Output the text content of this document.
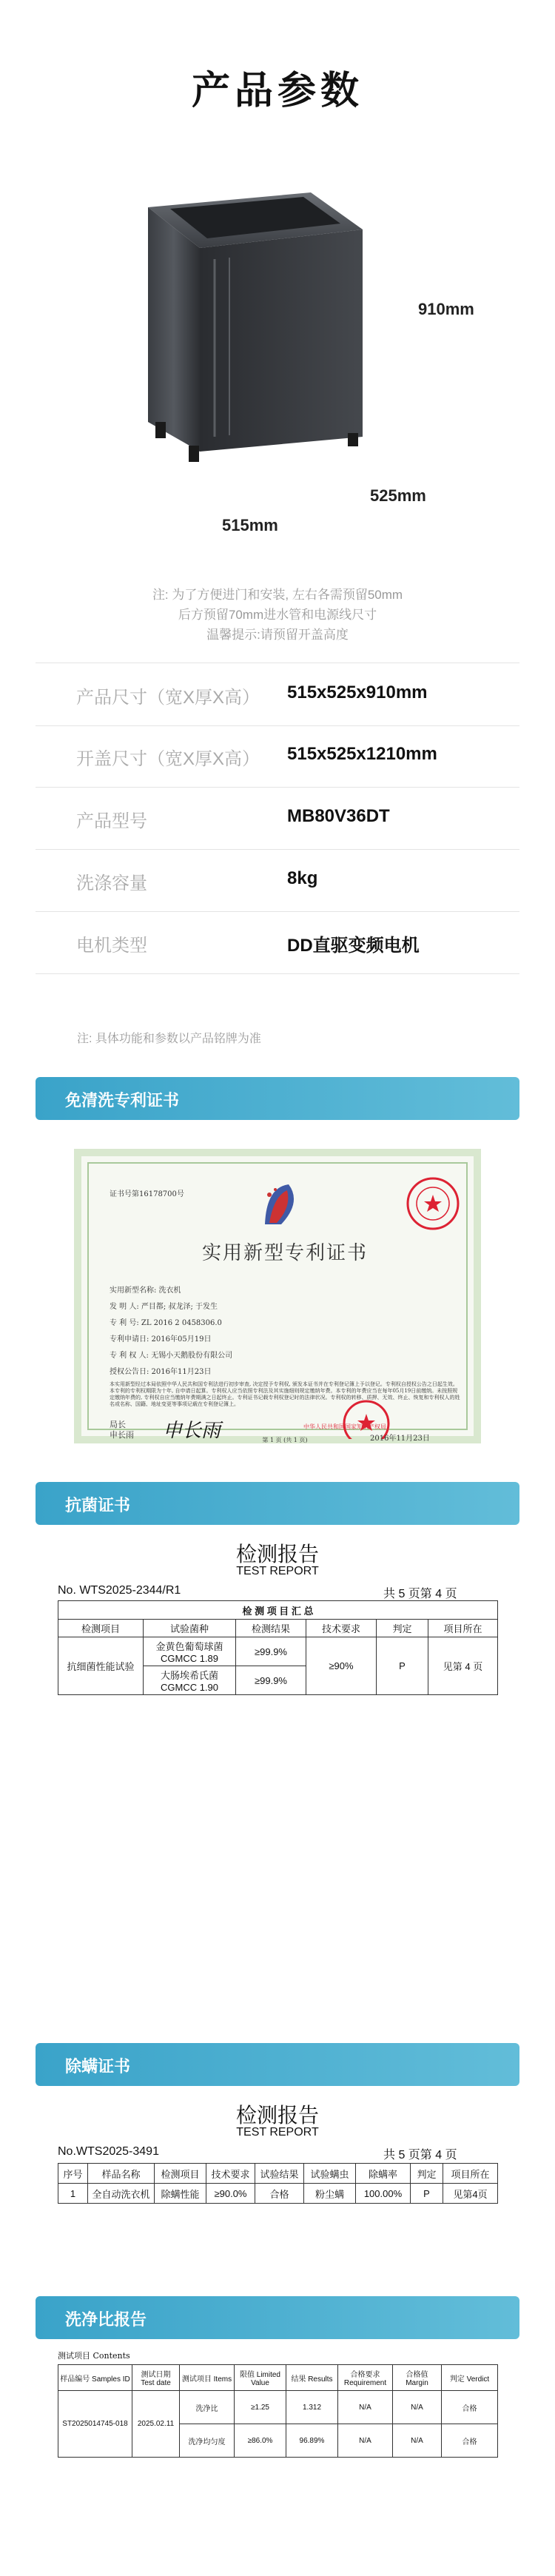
产品参数
910mm
525mm
515mm
注: 为了方便进门和安装, 左右各需预留50mm
后方预留70mm进水管和电源线尺寸
温馨提示:请预留开盖高度
产品尺寸（宽X厚X高） 515x525x910mm
开盖尺寸（宽X厚X高） 515x525x1210mm
产品型号	MB80V36DT
洗涤容量	8kg
电机类型	DD直驱变频电机
注: 具体功能和参数以产品铭牌为准
免清洗专利证书
证书号第16178700号
实用新型专利证书
实用新型名称: 洗衣机
发 明 人: 严目都; 叔龙泽; 于发生
专 利 号: ZL 2016 2 0458306.0
专利申请日: 2016年05月19日
专 利 权 人: 无锡小天鹅股份有限公司
授权公告日: 2016年11月23日
本实用新型经过本局依照中华人民共和国专利法进行初步审查, 决定授予专利权, 颁发本证书并在专利登记簿上予以登记。专利权自授权公告之日起生效。本专利的专利权期限为十年, 自申请日起算。专利权人应当依照专利法及其实施细则规定缴纳年费。本专利的年费应当在每年05月19日前缴纳。未按照规定缴纳年费的, 专利权自应当缴纳年费期满之日起终止。专利证书记载专利权登记时的法律状况。专利权的转移、质押、无效、终止、恢复和专利权人的姓名或名称、国籍、地址变更等事项记载在专利登记簿上。
局长
申长雨 申长雨	中华人民共和国国家知识产权局
2016年11月23日
第 1 页 (共 1 页)
抗菌证书
检测报告
TEST REPORT
No. WTS2025-2344/R1	共 5 页第 4 页
检 测 项 目 汇 总					
检测项目	试验菌种	检测结果	技术要求	判定	项目所在
抗细菌性能试验	金黄色葡萄球菌 CGMCC 1.89	≥99.9%	≥90%	P	见第 4 页
	大肠埃希氏菌 CGMCC 1.90	≥99.9%			
除螨证书
检测报告
TEST REPORT
No.WTS2025-3491	共 5 页第 4 页
序号	样品名称	检测项目	技术要求	试验结果	试验螨虫	除螨率	判定	项目所在
1	全自动洗衣机	除螨性能	≥90.0%	合格	粉尘螨	100.00%	P	见第4页
洗净比报告
测试项目 Contents
样品编号 Samples ID	测试日期 Test date	测试项目 Items	限值 Limited Value	结果 Results	合格要求 Requirement	合格值 Margin	判定 Verdict
ST2025014745-018	2025.02.11	洗净比	≥1.25	1.312	N/A	N/A	合格
		洗净均匀度	≥86.0%	96.89%	N/A	N/A	合格
